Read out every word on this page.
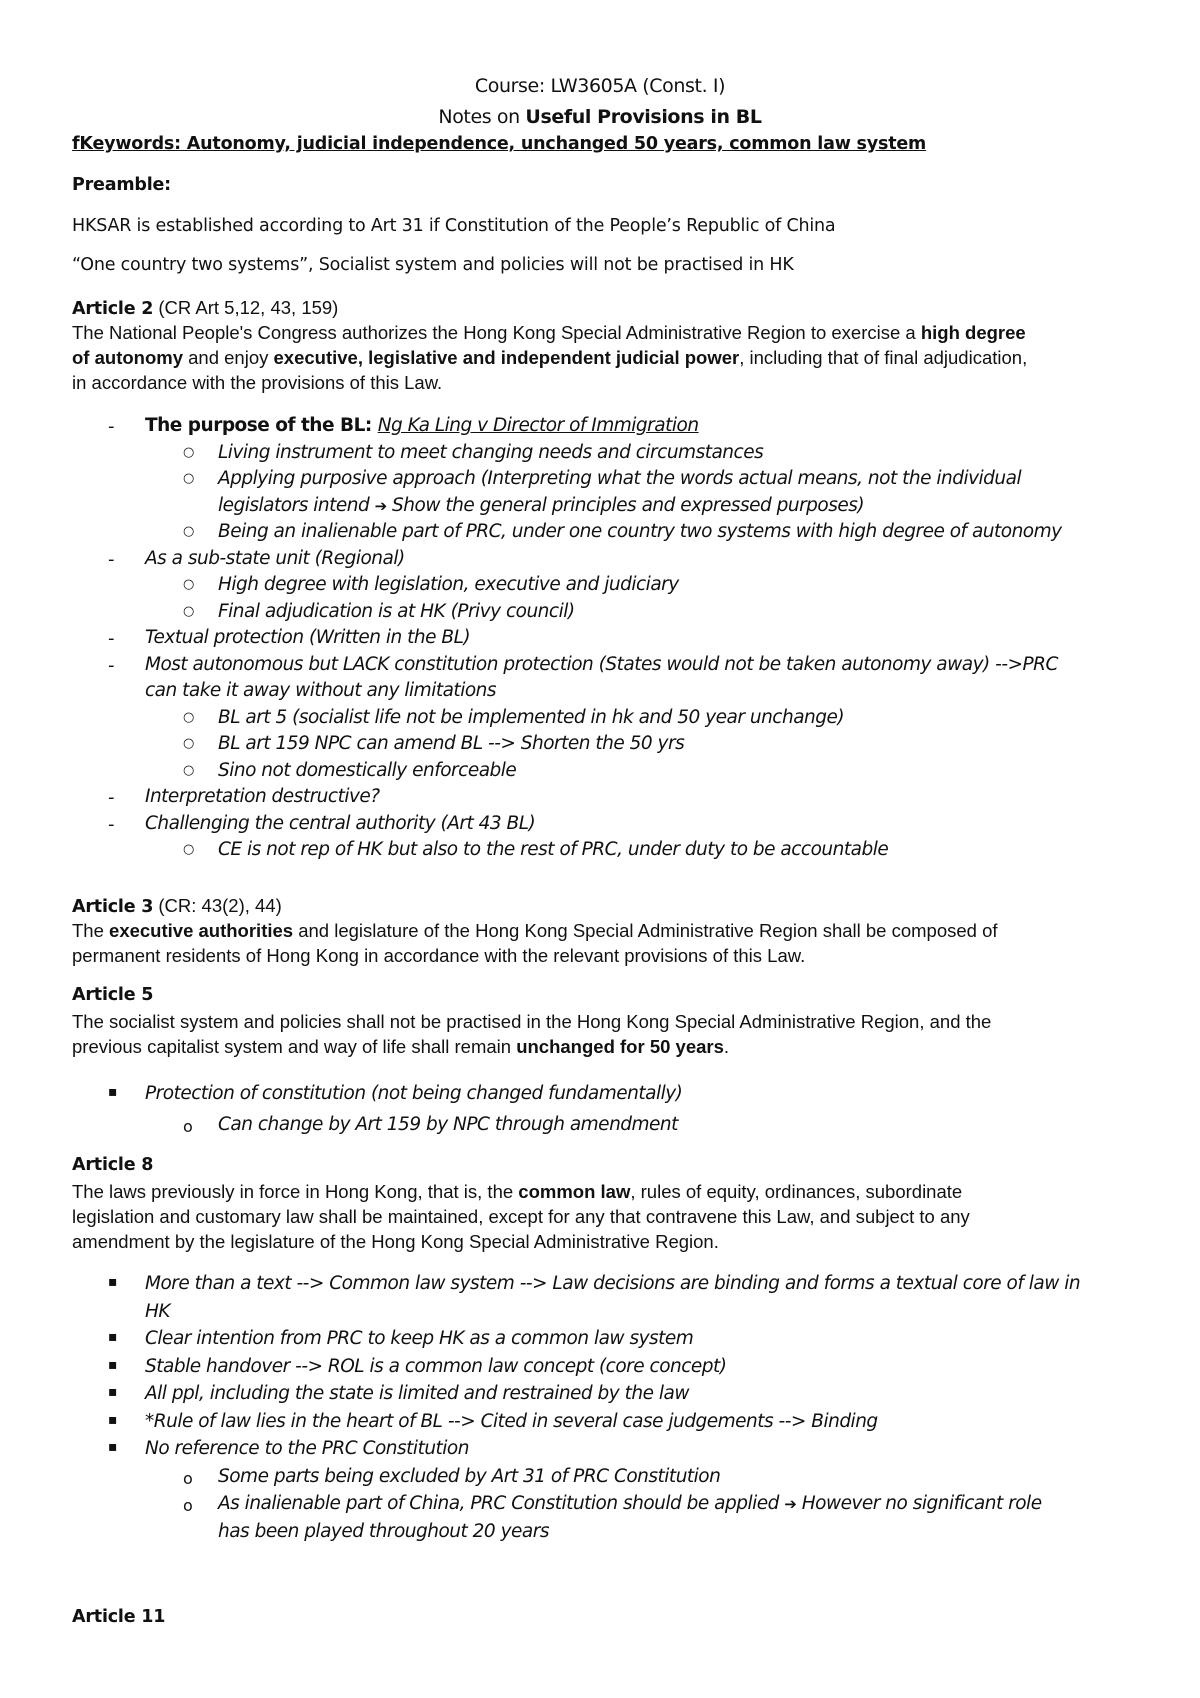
Course: LW3605A (Const. I)
Notes on Useful Provisions in BL
fKeywords: Autonomy, judicial independence, unchanged 50 years, common law system
Preamble:
HKSAR is established according to Art 31 if Constitution of the People’s Republic of China
“One country two systems”, Socialist system and policies will not be practised in HK
Article 2 (CR Art 5,12, 43, 159)
The National People's Congress authorizes the Hong Kong Special Administrative Region to exercise a high degree
of autonomy and enjoy executive, legislative and independent judicial power, including that of final adjudication,
in accordance with the provisions of this Law.
- The purpose of the BL: Ng Ka Ling v Director of Immigration
○ Living instrument to meet changing needs and circumstances
○ Applying purposive approach (Interpreting what the words actual means, not the individual
legislators intend ➔ Show the general principles and expressed purposes)
○ Being an inalienable part of PRC, under one country two systems with high degree of autonomy
- As a sub-state unit (Regional)
○ High degree with legislation, executive and judiciary
○ Final adjudication is at HK (Privy council)
- Textual protection (Written in the BL)
- Most autonomous but LACK constitution protection (States would not be taken autonomy away) -->PRC
can take it away without any limitations
○ BL art 5 (socialist life not be implemented in hk and 50 year unchange)
○ BL art 159 NPC can amend BL --> Shorten the 50 yrs
○ Sino not domestically enforceable
- Interpretation destructive?
- Challenging the central authority (Art 43 BL)
○ CE is not rep of HK but also to the rest of PRC, under duty to be accountable
Article 3 (CR: 43(2), 44)
The executive authorities and legislature of the Hong Kong Special Administrative Region shall be composed of
permanent residents of Hong Kong in accordance with the relevant provisions of this Law.
Article 5
The socialist system and policies shall not be practised in the Hong Kong Special Administrative Region, and the
previous capitalist system and way of life shall remain unchanged for 50 years.
▪ Protection of constitution (not being changed fundamentally)
o Can change by Art 159 by NPC through amendment
Article 8
The laws previously in force in Hong Kong, that is, the common law, rules of equity, ordinances, subordinate
legislation and customary law shall be maintained, except for any that contravene this Law, and subject to any
amendment by the legislature of the Hong Kong Special Administrative Region.
▪ More than a text --> Common law system --> Law decisions are binding and forms a textual core of law in
HK
▪ Clear intention from PRC to keep HK as a common law system
▪ Stable handover --> ROL is a common law concept (core concept)
▪ All ppl, including the state is limited and restrained by the law
▪ *Rule of law lies in the heart of BL --> Cited in several case judgements --> Binding
▪ No reference to the PRC Constitution
o Some parts being excluded by Art 31 of PRC Constitution
o As inalienable part of China, PRC Constitution should be applied ➔ However no significant role
has been played throughout 20 years
Article 11
